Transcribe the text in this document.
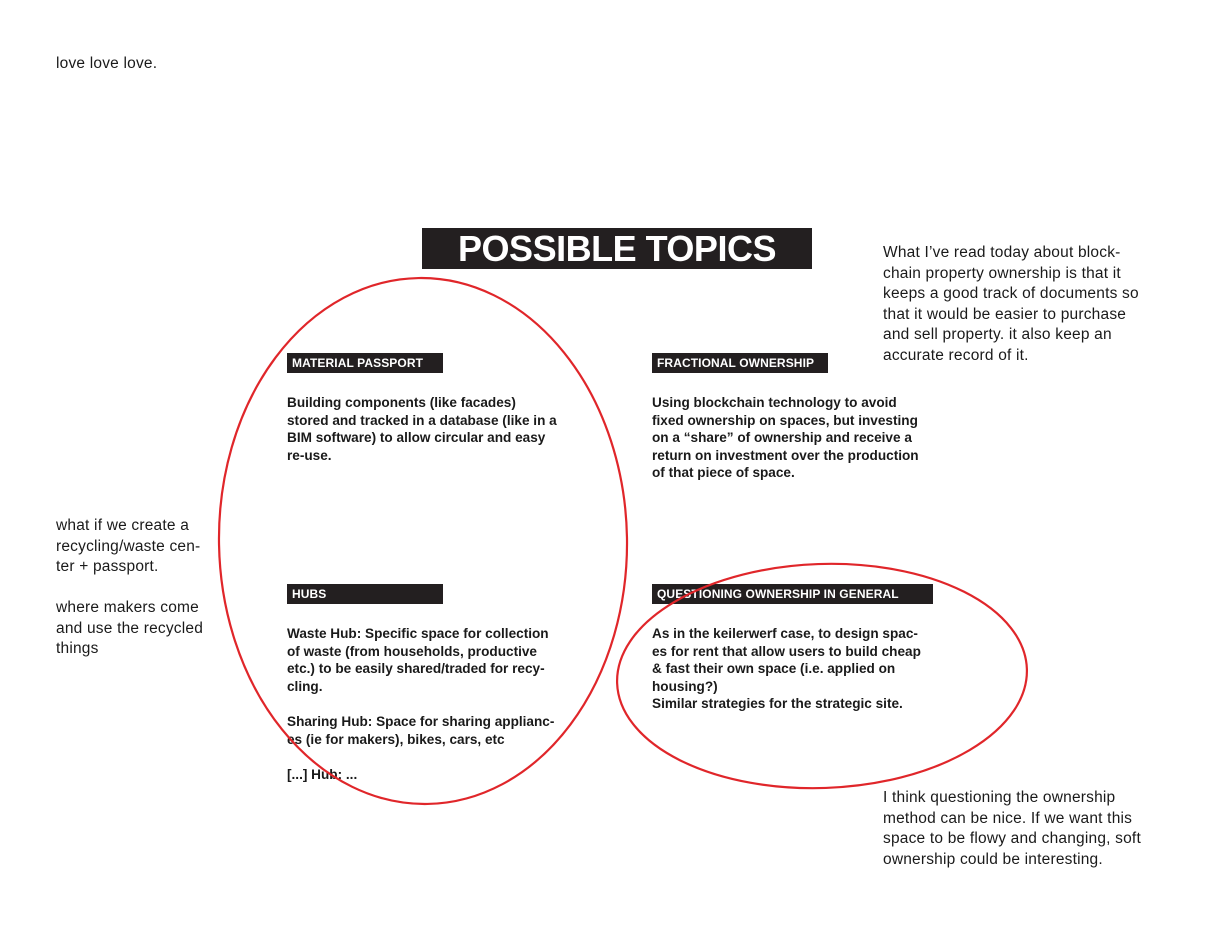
love love love.

What I’ve read today about block-
chain property ownership is that it
keeps a good track of documents so
that it would be easier to purchase
and sell property. it also keep an
accurate record of it.

what if we create a
recycling/waste cen-
ter + passport.

where makers come
and use the recycled
things

I think questioning the ownership
method can be nice. If we want this
space to be flowy and changing, soft
ownership could be interesting.

POSSIBLE TOPICS
MATERIAL PASSPORT

Building components (like facades)
stored and tracked in a database (like in a
BIM software) to allow circular and easy
re-use.

FRACTIONAL OWNERSHIP

Using blockchain technology to avoid
fixed ownership on spaces, but investing
on a “share” of ownership and receive a
return on investment over the production
of that piece of space.

HUBS

Waste Hub: Specific space for collection
of waste (from households, productive
etc.) to be easily shared/traded for recy-
cling.

Sharing Hub: Space for sharing applianc-
es (ie for makers), bikes, cars, etc

[...] Hub: ...

QUESTIONING OWNERSHIP IN GENERAL

As in the keilerwerf case, to design spac-
es for rent that allow users to build cheap
& fast their own space (i.e. applied on
housing?)
Similar strategies for the strategic site.
